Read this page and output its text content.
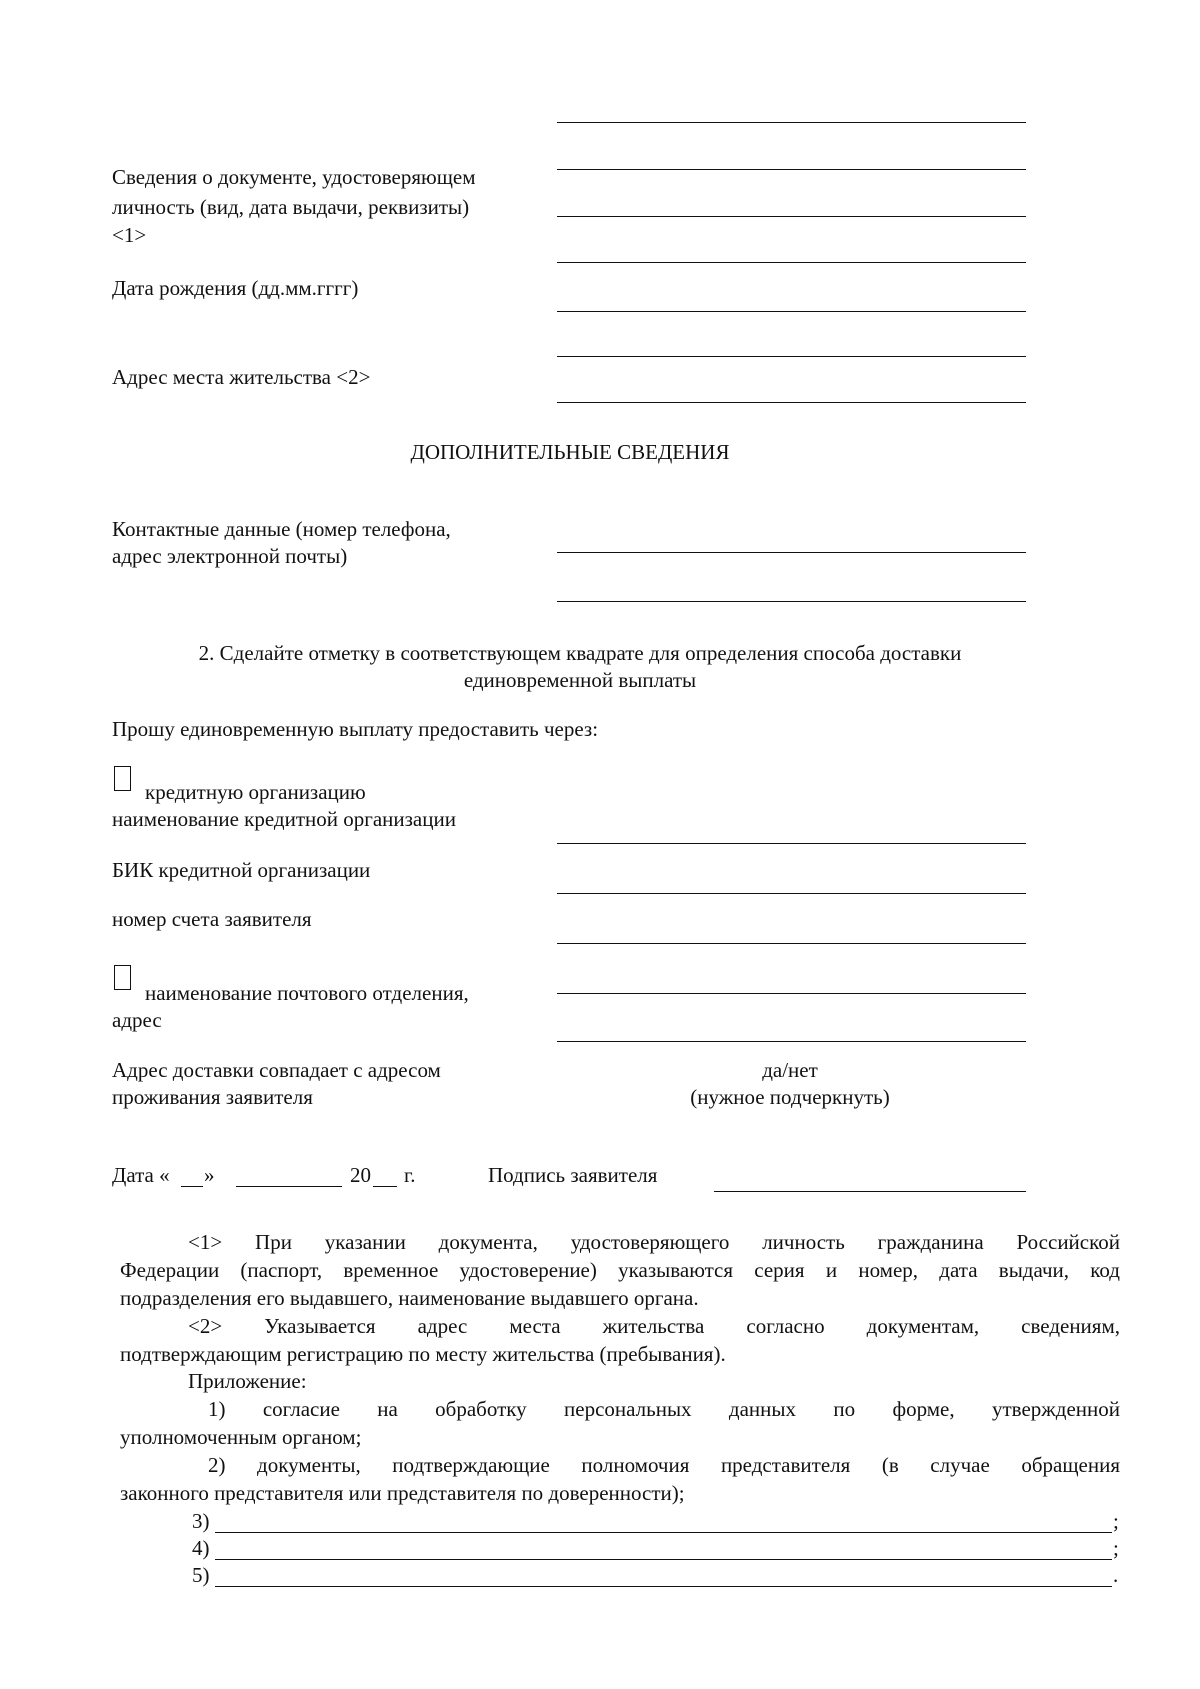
Сведения о документе, удостоверяющем
личность (вид, дата выдачи, реквизиты)
<1>
Дата рождения (дд.мм.гггг)
Адрес места жительства <2>
ДОПОЛНИТЕЛЬНЫЕ СВЕДЕНИЯ
Контактные данные (номер телефона,
адрес электронной почты)
2. Сделайте отметку в соответствующем квадрате для определения способа доставки
единовременной выплаты
Прошу единовременную выплату предоставить через:
кредитную организацию
наименование кредитной организации
БИК кредитной организации
номер счета заявителя
наименование почтового отделения,
адрес
Адрес доставки совпадает с адресом
проживания заявителя
да/нет
(нужное подчеркнуть)
Дата « »	20 г.	Подпись заявителя
<1> При указании документа, удостоверяющего личность гражданина Российской
Федерации (паспорт, временное удостоверение) указываются серия и номер, дата выдачи, код
подразделения его выдавшего, наименование выдавшего органа.
<2> Указывается адрес места жительства согласно документам, сведениям,
подтверждающим регистрацию по месту жительства (пребывания).
Приложение:
1) согласие на обработку персональных данных по форме, утвержденной
уполномоченным органом;
2) документы, подтверждающие полномочия представителя (в случае обращения
законного представителя или представителя по доверенности);
3)	;
4)	;
5)	.
